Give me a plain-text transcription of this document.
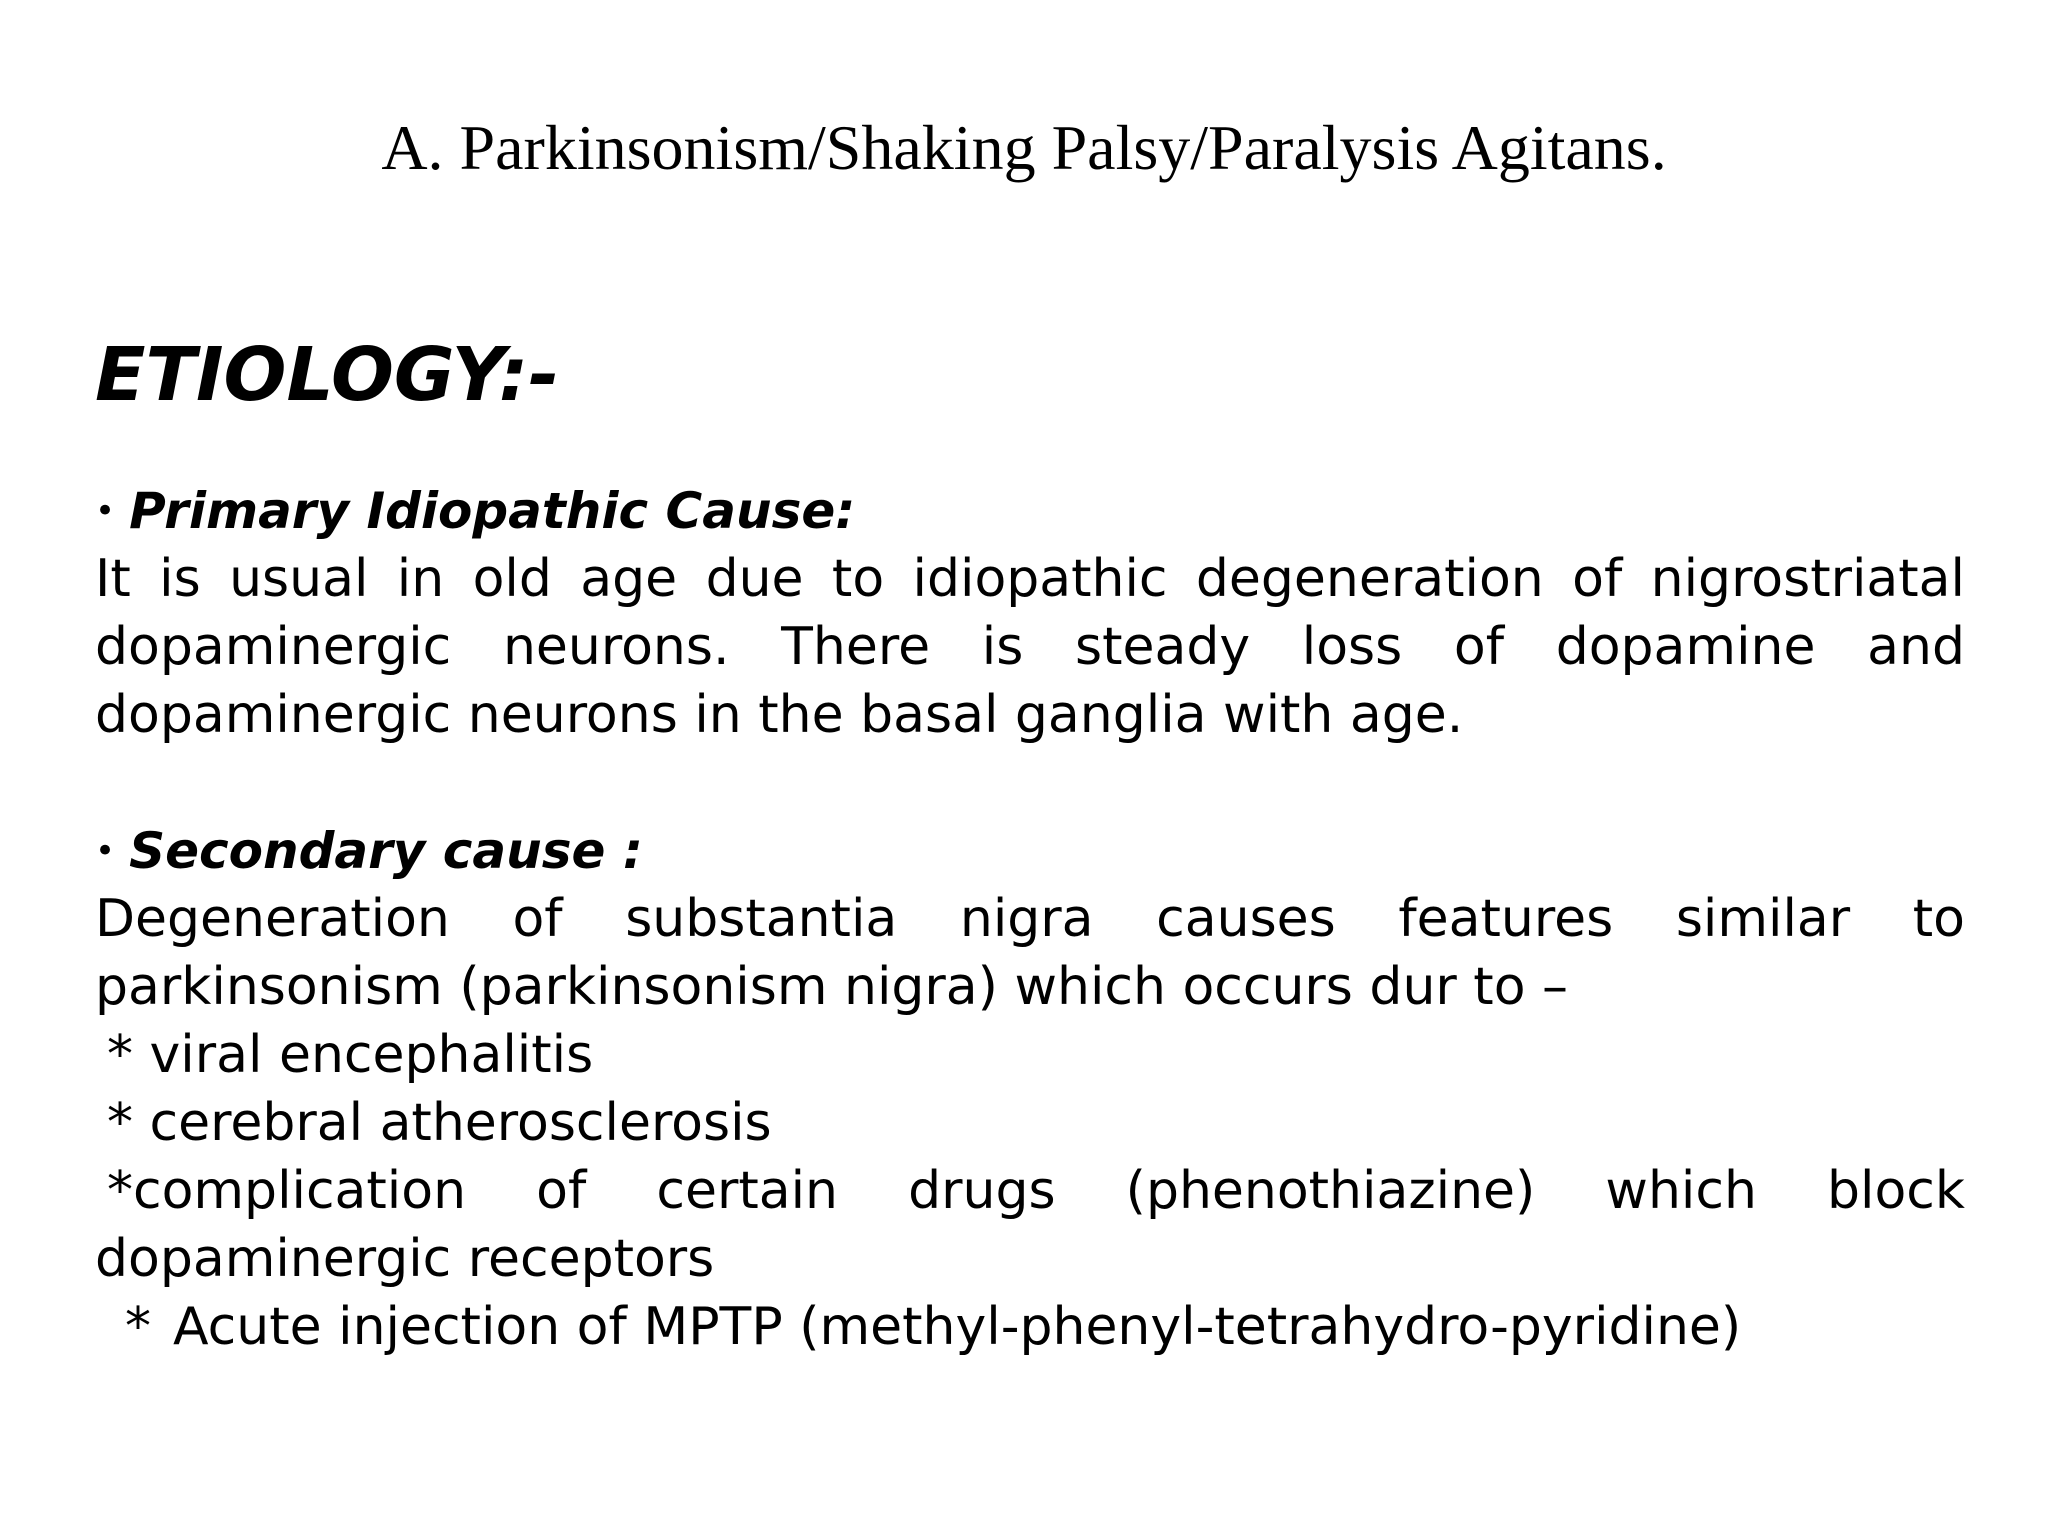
A. Parkinsonism/Shaking Palsy/Paralysis Agitans.
ETIOLOGY:-
• Primary Idiopathic Cause:
It is usual in old age due to idiopathic degeneration of nigrostriatal dopaminergic neurons. There is steady loss of dopamine and dopaminergic neurons in the basal ganglia with age.
• Secondary cause :
Degeneration of substantia nigra causes features similar to parkinsonism (parkinsonism nigra) which occurs dur to –
* viral encephalitis
* cerebral atherosclerosis
*complication of certain drugs (phenothiazine) which block dopaminergic receptors
* Acute injection of MPTP (methyl-phenyl-tetrahydro-pyridine)
